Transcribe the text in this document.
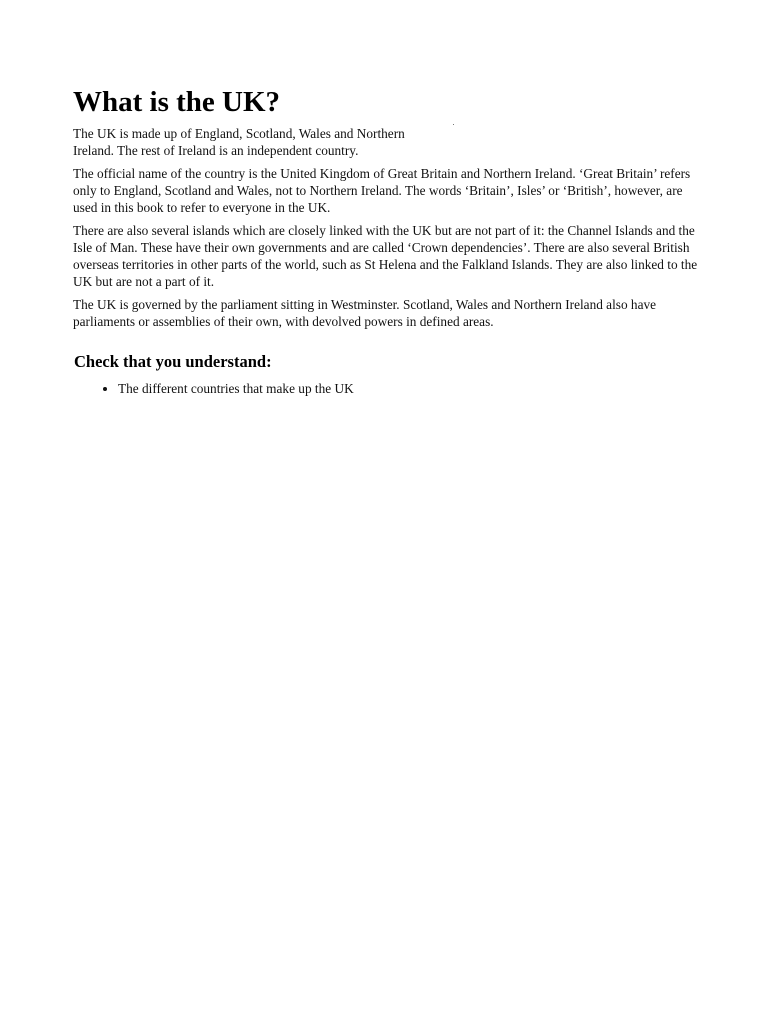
What is the UK?

The UK is made up of England, Scotland, Wales and Northern Ireland. The rest of Ireland is an independent country.

The official name of the country is the United Kingdom of Great Britain and Northern Ireland. ‘Great Britain’ refers only to England, Scotland and Wales, not to Northern Ireland. The words ‘Britain’, Isles’ or ‘British’, however, are used in this book to refer to everyone in the UK.

There are also several islands which are closely linked with the UK but are not part of it: the Channel Islands and the Isle of Man. These have their own governments and are called ‘Crown dependencies’. There are also several British overseas territories in other parts of the world, such as St Helena and the Falkland Islands. They are also linked to the UK but are not a part of it.

The UK is governed by the parliament sitting in Westminster. Scotland, Wales and Northern Ireland also have parliaments or assemblies of their own, with devolved powers in defined areas.

Check that you understand:
• The different countries that make up the UK
